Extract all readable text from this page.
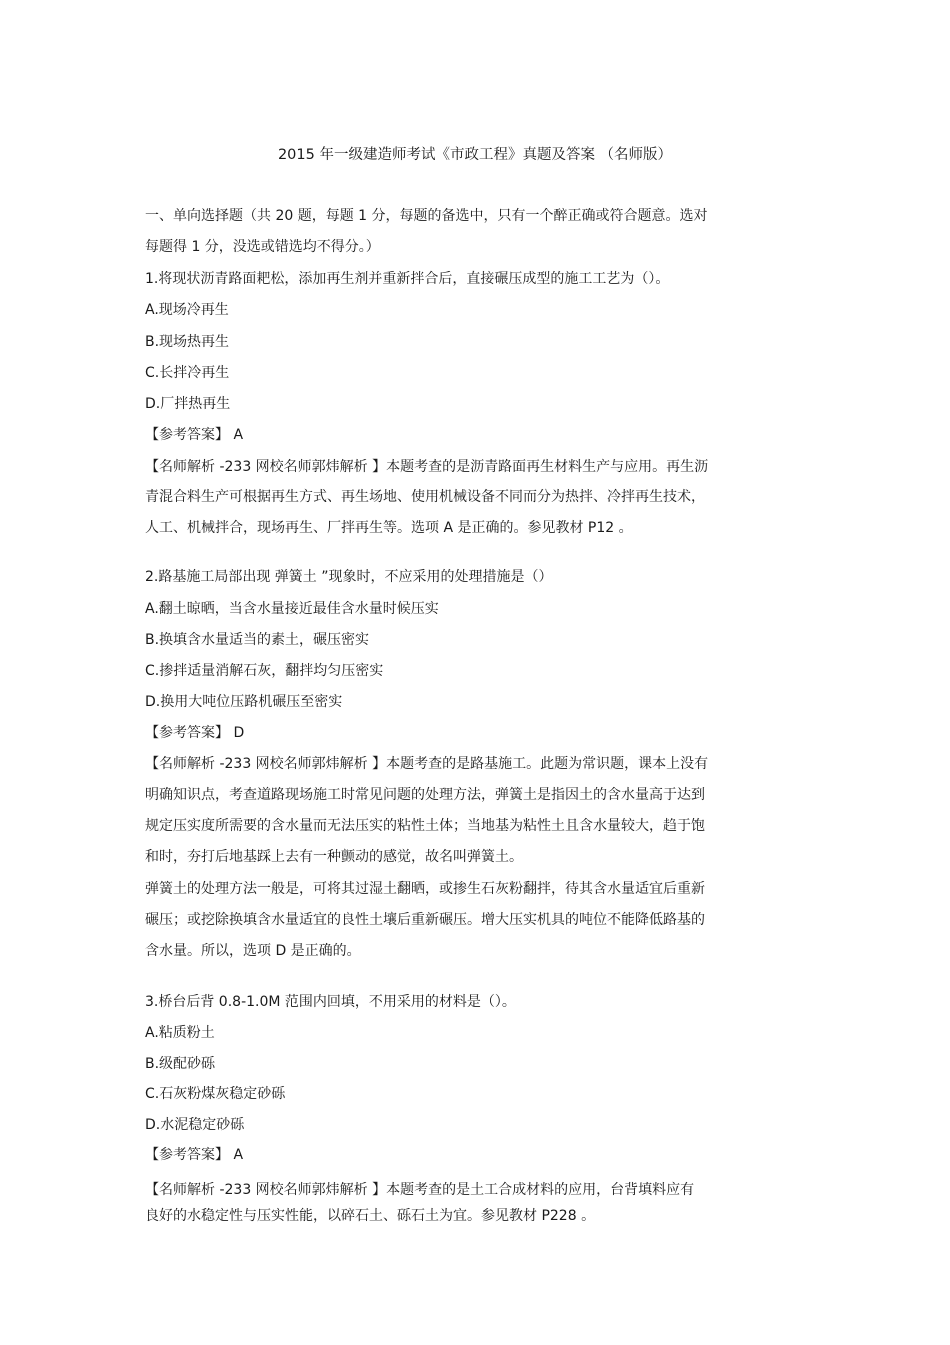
2015 年一级建造师考试《市政工程》真题及答案 （名师版）
一、单向选择题（共 20 题，每题 1 分，每题的备选中，只有一个醉正确或符合题意。选对
每题得 1 分，没选或错选均不得分。）
1.将现状沥青路面耙松，添加再生剂并重新拌合后，直接碾压成型的施工工艺为（）。
A.现场冷再生
B.现场热再生
C.长拌冷再生
D.厂拌热再生
【参考答案】 A
【名师解析 -233 网校名师郭炜解析 】本题考查的是沥青路面再生材料生产与应用。再生沥
青混合料生产可根据再生方式、再生场地、使用机械设备不同而分为热拌、冷拌再生技术，
人工、机械拌合，现场再生、厂拌再生等。选项 A 是正确的。参见教材 P12 。
2.路基施工局部出现 弹簧土 ”现象时，不应采用的处理措施是（）
A.翻土晾晒，当含水量接近最佳含水量时候压实
B.换填含水量适当的素土，碾压密实
C.掺拌适量消解石灰，翻拌均匀压密实
D.换用大吨位压路机碾压至密实
【参考答案】 D
【名师解析 -233 网校名师郭炜解析 】本题考查的是路基施工。此题为常识题，课本上没有
明确知识点，考查道路现场施工时常见问题的处理方法，弹簧土是指因土的含水量高于达到
规定压实度所需要的含水量而无法压实的粘性土体；当地基为粘性土且含水量较大，趋于饱
和时，夯打后地基踩上去有一种颤动的感觉，故名叫弹簧土。
弹簧土的处理方法一般是，可将其过湿土翻晒，或掺生石灰粉翻拌，待其含水量适宜后重新
碾压；或挖除换填含水量适宜的良性土壤后重新碾压。增大压实机具的吨位不能降低路基的
含水量。所以，选项 D 是正确的。
3.桥台后背 0.8-1.0M 范围内回填，不用采用的材料是（）。
A.粘质粉土
B.级配砂砾
C.石灰粉煤灰稳定砂砾
D.水泥稳定砂砾
【参考答案】 A
【名师解析 -233 网校名师郭炜解析 】本题考查的是土工合成材料的应用，台背填料应有
良好的水稳定性与压实性能，以碎石土、砾石土为宜。参见教材 P228 。
